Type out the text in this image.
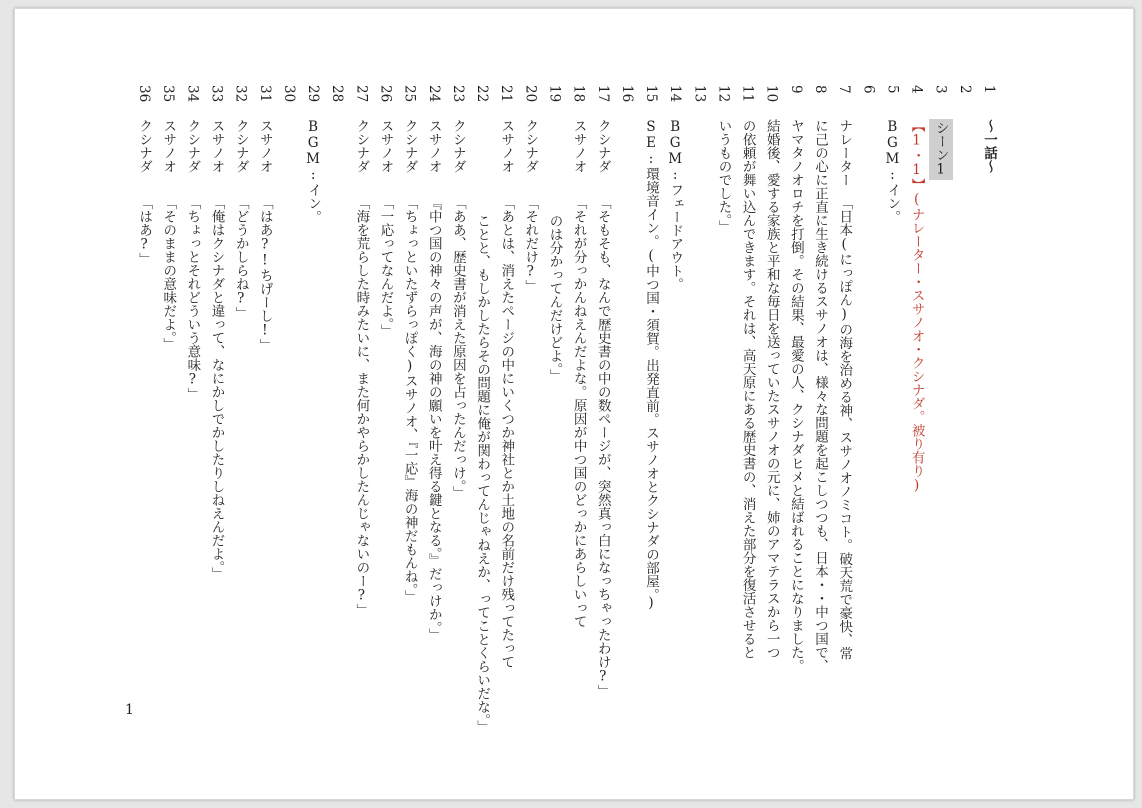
1
〜一話〜
2
3
シーン1
4
【1・1】(ナレーター・スサノオ・クシナダ。被り有り)
5
BGM:イン。
6
7
ナレーター
「日本(にっぽん)の海を治める神、スサノオノミコト。破天荒で豪快、常
8
に己の心に正直に生き続けるスサノオは、様々な問題を起こしつつも、日本・・中つ国で、
9
ヤマタノオロチを打倒。その結果、最愛の人、クシナダヒメと結ばれることになりました。
10
結婚後、愛する家族と平和な毎日を送っていたスサノオの元に、姉のアマテラスから一つ
11
の依頼が舞い込んできます。それは、高天原にある歴史書の、消えた部分を復活させると
12
いうものでした。」
13
14
BGM:フェードアウト。
15
SE:環境音イン。(中つ国・須賀。出発直前。スサノオとクシナダの部屋。)
16
17
クシナダ
「そもそも、なんで歴史書の中の数ページが、突然真っ白になっちゃったわけ?」
18
スサノオ
「それが分っかんねえんだよな。原因が中つ国のどっかにあらしいって
19
のは分かってんだけどよ。」
20
クシナダ
「それだけ?」
21
スサノオ
「あとは、消えたページの中にいくつか神社とか土地の名前だけ残ってたって
22
ことと、もしかしたらその問題に俺が関わってんじゃねえか、ってことくらいだな。」
23
クシナダ
「ああ、歴史書が消えた原因を占ったんだっけ。」
24
スサノオ
『中つ国の神々の声が、海の神の願いを叶え得る鍵となる。』だっけか。」
25
クシナダ
「ちょっといたずらっぽく)スサノオ、『一応』海の神だもんね。」
26
スサノオ
「一応ってなんだよ。」
27
クシナダ
「海を荒らした時みたいに、また何かやらかしたんじゃないのー?」
28
29
BGM:イン。
30
31
スサノオ
「はあ?!ちげーし!」
32
クシナダ
「どうかしらね?」
33
スサノオ
「俺はクシナダと違って、なにかしでかしたりしねえんだよ。」
34
クシナダ
「ちょっとそれどういう意味?」
35
スサノオ
「そのままの意味だよ。」
36
クシナダ
「はあ?」
1
